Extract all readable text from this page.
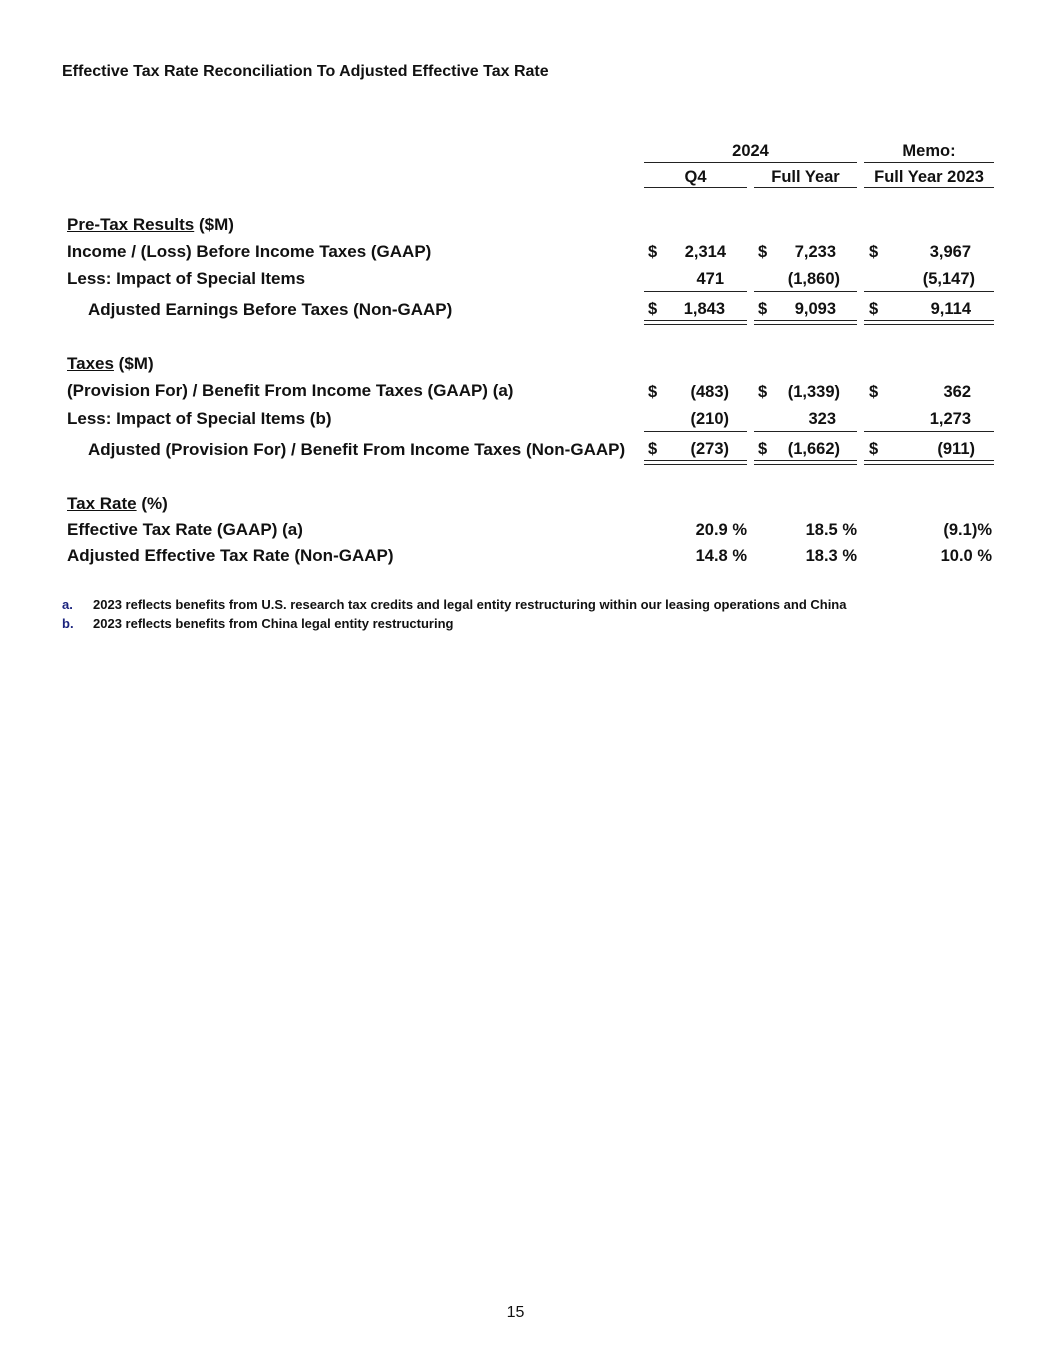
Effective Tax Rate Reconciliation To Adjusted Effective Tax Rate
2024	Memo:
Q4	Full Year	Full Year 2023
Pre-Tax Results ($M)
Income / (Loss) Before Income Taxes (GAAP)	$	2,314 $	7,233 $	3,967
Less: Impact of Special Items	471	(1,860)	(5,147)
Adjusted Earnings Before Taxes (Non-GAAP)	$	1,843 $	9,093 $	9,114
Taxes ($M)
(Provision For) / Benefit From Income Taxes (GAAP) (a)	$	(483) $	(1,339) $	362
Less: Impact of Special Items (b)	(210)	323	1,273
Adjusted (Provision For) / Benefit From Income Taxes (Non-GAAP) $	(273) $	(1,662) $	(911)
Tax Rate (%)
Effective Tax Rate (GAAP) (a)	20.9 %	18.5 %	(9.1)%
Adjusted Effective Tax Rate (Non-GAAP)	14.8 %	18.3 %	10.0 %
a. 2023 reflects benefits from U.S. research tax credits and legal entity restructuring within our leasing operations and China
b. 2023 reflects benefits from China legal entity restructuring
15
